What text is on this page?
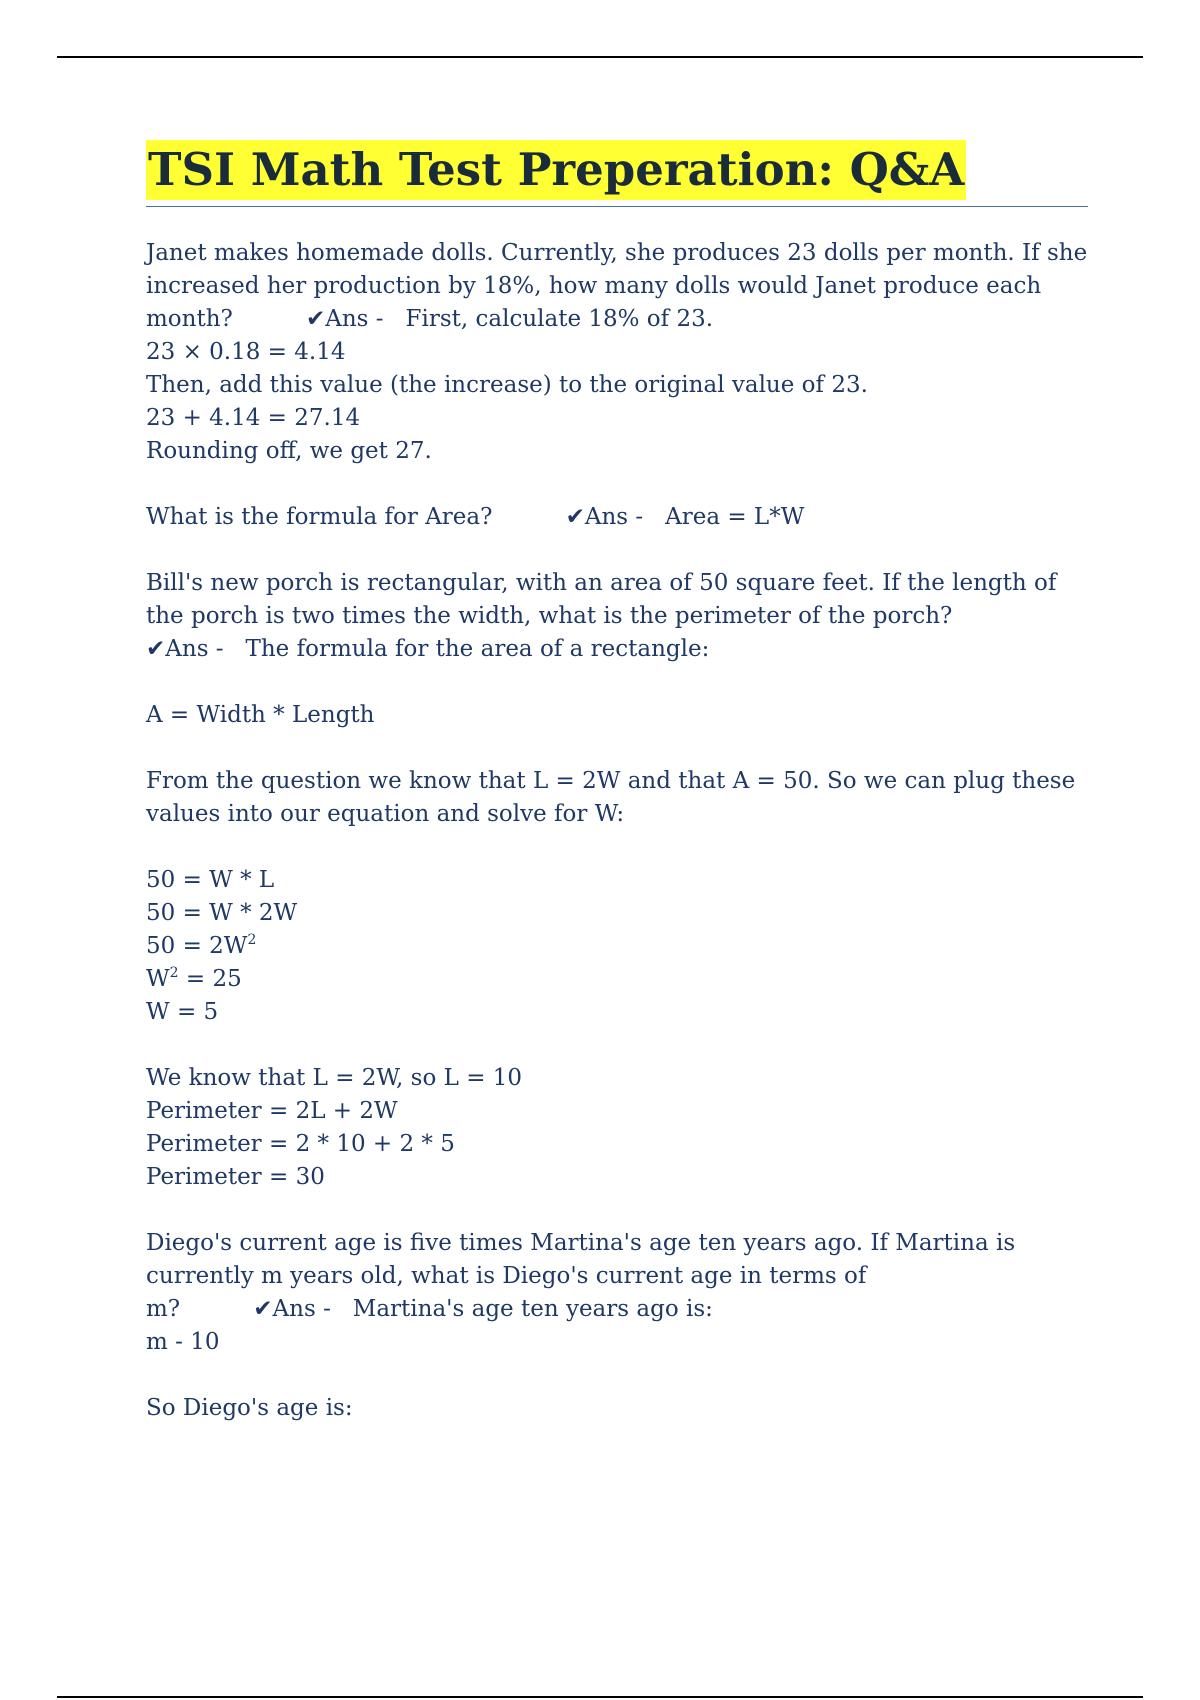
TSI Math Test Preperation: Q&A

Janet makes homemade dolls. Currently, she produces 23 dolls per month. If she increased her production by 18%, how many dolls would Janet produce each month?	✔Ans -   First, calculate 18% of 23.

23 × 0.18 = 4.14
Then, add this value (the increase) to the original value of 23.
23 + 4.14 = 27.14
Rounding off, we get 27.

What is the formula for Area?	✔Ans -   Area = L*W

Bill's new porch is rectangular, with an area of 50 square feet. If the length of the porch is two times the width, what is the perimeter of the porch? ✔Ans -   The formula for the area of a rectangle:

A = Width * Length

From the question we know that L = 2W and that A = 50. So we can plug these values into our equation and solve for W:

50 = W * L
50 = W * 2W
$50 = 2W^2$
$W^2 = 25$
W = 5
We know that L = 2W, so L = 10
Perimeter = 2L + 2W
Perimeter = 2 * 10 + 2 * 5
Perimeter = 30

Diego's current age is five times Martina's age ten years ago. If Martina is currently m years old, what is Diego's current age in terms of m?	✔Ans -   Martina's age ten years ago is:

m - 10
So Diego's age is:
